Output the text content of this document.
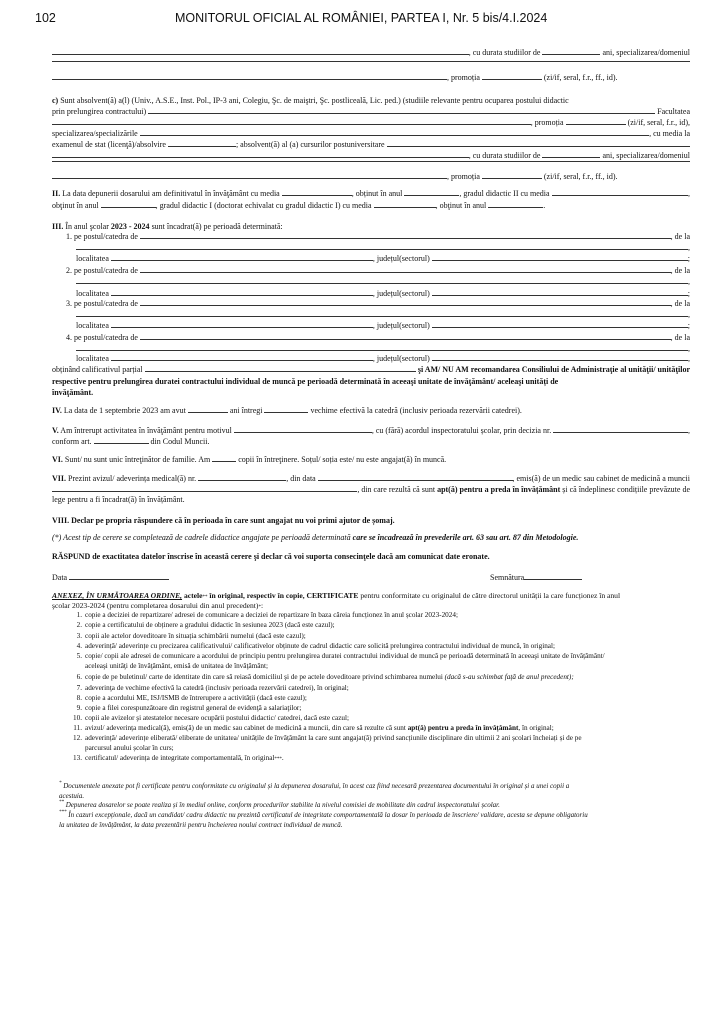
102	MONITORUL OFICIAL AL ROMÂNIEI, PARTEA I, Nr. 5 bis/4.I.2024
, cu durata studiilor de	ani, specializarea/domeniul
, promoția	(zi/if, seral, f.r., ff., id).
c) Sunt absolvent(ă) a(l) (Univ., A.S.E., Inst. Pol., IP-3 ani, Colegiu, Şc. de maiştri, Şc. postliceală, Lic. ped.) (studiile relevante pentru ocuparea postului didactic
prin prelungirea contractului)	Facultatea
, promoția	(zi/if, seral, f.r., id),
specializarea/specializările	, cu media la
examenul de stat (licenţă)/absolvire	; absolvent(ă) al (a) cursurilor postuniversitare
, cu durata studiilor de	ani, specializarea/domeniul
, promoția	(zi/if, seral, f.r., ff., id).
II. La data depunerii dosarului am definitivatul în învăţământ cu media	, obținut în anul	, gradul didactic II cu media	,
obţinut în anul	, gradul didactic I (doctorat echivalat cu gradul didactic I) cu media	, obţinut în anul	.
III. În anul şcolar 2023 - 2024 sunt încadrat(ă) pe perioadă determinată:
1. pe postul/catedra de	, de la
,
localitatea	, județul(sectorul)	;
2. pe postul/catedra de	, de la
,
localitatea	, județul(sectorul)	;
3. pe postul/catedra de	, de la
,
localitatea	, județul(sectorul)	;
4. pe postul/catedra de	, de la
,
localitatea	, județul(sectorul)	,
obținând calificativul parțial	şi AM/ NU AM recomandarea Consiliului de Administraţie al unităţii/ unităţilor
respective pentru prelungirea duratei contractului individual de muncă pe perioadă determinată în aceeaşi unitate de învăţământ/ aceleaşi unități de
învăţământ.
IV. La data de 1 septembrie 2023 am avut	ani întregi	vechime efectivă la catedră (inclusiv perioada rezervării catedrei).
V. Am întrerupt activitatea în învăţământ pentru motivul	, cu (fără) acordul inspectoratului școlar, prin decizia nr.	,
conform art.	din Codul Muncii.
VI. Sunt/ nu sunt unic întreţinător de familie. Am	copii în întreţinere. Soțul/ soția este/ nu este angajat(ă) în muncă.
VII. Prezint avizul/ adeverința medical(ă) nr.	, din data	, emis(ă) de un medic sau cabinet de medicină a muncii
, din care rezultă că sunt apt(ă) pentru a preda în învățământ și că îndeplinesc condițiile prevăzute de
lege pentru a fi încadrat(ă) în învățământ.
VIII. Declar pe propria răspundere că în perioada în care sunt angajat nu voi primi ajutor de șomaj.
(*) Acest tip de cerere se completează de cadrele didactice angajate pe perioadă determinată care se încadrează în prevederile art. 63 sau art. 87 din Metodologie.
RĂSPUND de exactitatea datelor înscrise în această cerere şi declar că voi suporta consecinţele dacă am comunicat date eronate.
Data	Semnătura
ANEXEZ, ÎN URMĂTOAREA ORDINE, actele$_{**}$ în original, respectiv în copie, CERTIFICATE pentru conformitate cu originalul de către directorul unității la care funcționez în anul
şcolar 2023-2024 (pentru completarea dosarului din anul $precedent)_*$ :
1. copie a deciziei de repartizare/ adresei de comunicare a deciziei de repartizare în baza căreia funcționez în anul școlar 2023-2024;
2. copie a certificatului de obținere a gradului didactic în sesiunea 2023 (dacă este cazul);
3. copii ale actelor doveditoare în situația schimbării numelui (dacă este cazul);
4. adeverință/ adeverințe cu precizarea calificativului/ calificativelor obținute de cadrul didactic care solicită prelungirea contractului individual de muncă, în original;
5. copie/ copii ale adresei de comunicare a acordului de principiu pentru prelungirea duratei contractului individual de muncă pe perioadă determinată în aceeaşi unitate de învățământ/
aceleaşi unităţi de învăţământ, emisă de unitatea de învăţământ;
6. copie de pe buletinul/ carte de identitate din care să reiasă domiciliul şi de pe actele doveditoare privind schimbarea numelui (dacă s-au schimbat față de anul precedent);
7. adeverinţa de vechime efectivă la catedră (inclusiv perioada rezervării catedrei), în original;
8. copie a acordului ME, ISJ/ISMB de întrerupere a activității (dacă este cazul);
9. copie a filei corespunzătoare din registrul general de evidenţă a salariaţilor;
10. copii ale avizelor şi atestatelor necesare ocupării postului didactic/ catedrei, dacă este cazul;
11. avizul/ adeverința medical(ă), emis(ă) de un medic sau cabinet de medicină a muncii, din care să rezulte că sunt apt(ă) pentru a preda în învățământ , în original;
12. adeverință/ adeverințe eliberată/ eliberate de unitatea/ unitățile de învățământ la care sunt angajat(ă) privind sancțiunile disciplinare din ultimii 2 ani școlari încheiați și de pe
parcursul anului școlar în curs;
13. certificatul/ adeverința de integritate comportamentală, în original$_{***}$ .

* Documentele anexate pot fi certificate pentru conformitate cu originalul și la depunerea dosarului, în acest caz fiind necesară prezentarea documentului în original și a unei copii a

acestuia.

** Depunerea dosarelor se poate realiza și în mediul online, conform procedurilor stabilite la nivelul comisiei de mobilitate din cadrul inspectoratului școlar.

*** În cazuri excepționale, dacă un candidat/ cadru didactic nu prezintă certificatul de integritate comportamentală la dosar în perioada de înscriere/ validare, acesta se depune obligatoriu

la unitatea de învățământ, la data prezentării pentru încheierea noului contract individual de muncă.
